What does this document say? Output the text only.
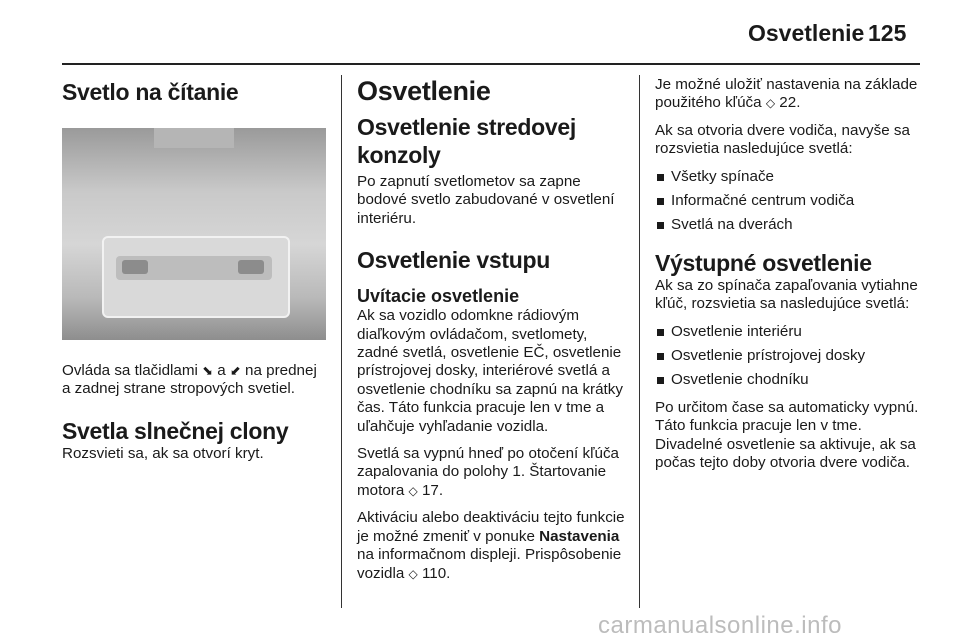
Osvetlenie 125
Svetlo na čítanie

Ovláda sa tlačidlami ⬊ a ⬋ na prednej a zadnej strane stropových svetiel.

Svetla slnečnej clony

Rozsvieti sa, ak sa otvorí kryt.

Osvetlenie
Osvetlenie stredovej konzoly

Po zapnutí svetlometov sa zapne bodové svetlo zabudované v osvetlení interiéru.

Osvetlenie vstupu
Uvítacie osvetlenie

Ak sa vozidlo odomkne rádiovým diaľkovým ovládačom, svetlomety, zadné svetlá, osvetlenie EČ, osvetlenie prístrojovej dosky, interiérové svetlá a osvetlenie chodníku sa zapnú na krátky čas. Táto funkcia pracuje len v tme a uľahčuje vyhľadanie vozidla.

Svetlá sa vypnú hneď po otočení kľúča zapalovania do polohy 1. Štartovanie motora ◇ 17.

Aktiváciu alebo deaktiváciu tejto funkcie je možné zmeniť v ponuke Nastavenia na informačnom displeji. Prispôsobenie vozidla ◇ 110.

Je možné uložiť nastavenia na základe použitého kľúča ◇ 22.

Ak sa otvoria dvere vodiča, navyše sa rozsvietia nasledujúce svetlá:

Všetky spínače
Informačné centrum vodiča
Svetlá na dverách
Výstupné osvetlenie

Ak sa zo spínača zapaľovania vytiahne kľúč, rozsvietia sa nasledujúce svetlá:

Osvetlenie interiéru
Osvetlenie prístrojovej dosky
Osvetlenie chodníku

Po určitom čase sa automaticky vypnú. Táto funkcia pracuje len v tme. Divadelné osvetlenie sa aktivuje, ak sa počas tejto doby otvoria dvere vodiča.

carmanualsonline.info
